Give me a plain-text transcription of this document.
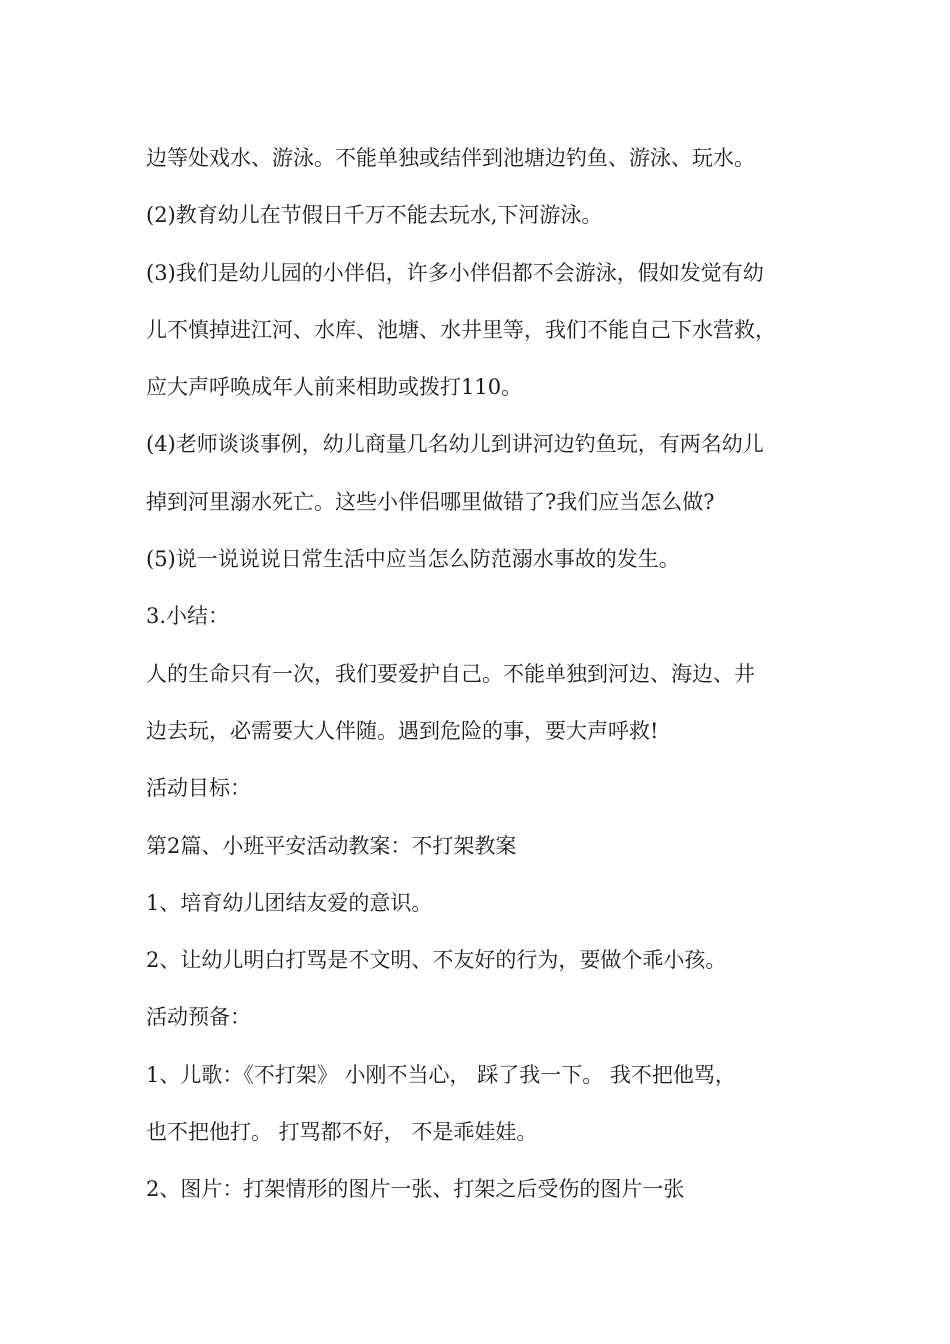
边等处戏水、游泳。不能单独或结伴到池塘边钓鱼、游泳、玩水。
(2)教育幼儿在节假日千万不能去玩水,下河游泳。
(3)我们是幼儿园的小伴侣，许多小伴侣都不会游泳，假如发觉有幼
儿不慎掉进江河、水库、池塘、水井里等，我们不能自己下水营救，
应大声呼唤成年人前来相助或拨打110。
(4)老师谈谈事例，幼儿商量几名幼儿到讲河边钓鱼玩，有两名幼儿
掉到河里溺水死亡。这些小伴侣哪里做错了?我们应当怎么做?
(5)说一说说说日常生活中应当怎么防范溺水事故的发生。
3.小结：
人的生命只有一次，我们要爱护自己。不能单独到河边、海边、井
边去玩，必需要大人伴随。遇到危险的事，要大声呼救!
活动目标：
第2篇、小班平安活动教案：不打架教案
1、培育幼儿团结友爱的意识。
2、让幼儿明白打骂是不文明、不友好的行为，要做个乖小孩。
活动预备：
1、儿歌：《不打架》 小刚不当心， 踩了我一下。 我不把他骂，
也不把他打。 打骂都不好， 不是乖娃娃。
2、图片：打架情形的图片一张、打架之后受伤的图片一张
